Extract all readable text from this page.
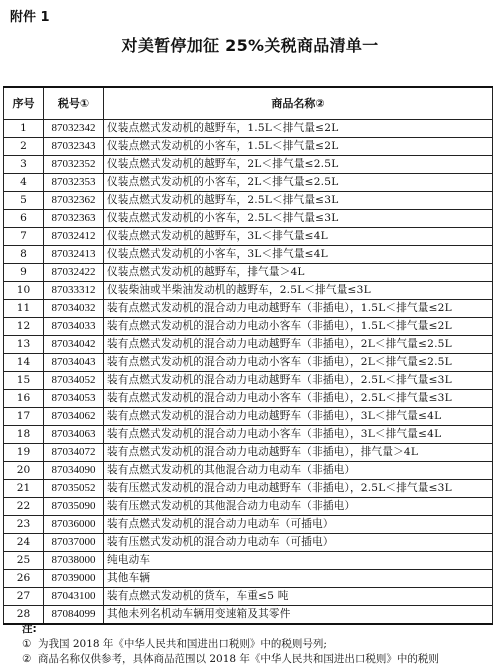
附件 1
对美暂停加征 25%关税商品清单一
序号	税号①	商品名称②
1	87032342	仪装点燃式发动机的越野车，1.5L＜排气量≤2L
2	87032343	仪装点燃式发动机的小客车，1.5L＜排气量≤2L
3	87032352	仪装点燃式发动机的越野车，2L＜排气量≤2.5L
4	87032353	仪装点燃式发动机的小客车，2L＜排气量≤2.5L
5	87032362	仪装点燃式发动机的越野车，2.5L＜排气量≤3L
6	87032363	仪装点燃式发动机的小客车，2.5L＜排气量≤3L
7	87032412	仪装点燃式发动机的越野车，3L＜排气量≤4L
8	87032413	仪装点燃式发动机的小客车，3L＜排气量≤4L
9	87032422	仪装点燃式发动机的越野车，排气量＞4L
10	87033312	仪装柴油或半柴油发动机的越野车，2.5L＜排气量≤3L
11	87034032	装有点燃式发动机的混合动力电动越野车（非插电），1.5L＜排气量≤2L
12	87034033	装有点燃式发动机的混合动力电动小客车（非插电），1.5L＜排气量≤2L
13	87034042	装有点燃式发动机的混合动力电动越野车（非插电），2L＜排气量≤2.5L
14	87034043	装有点燃式发动机的混合动力电动小客车（非插电），2L＜排气量≤2.5L
15	87034052	装有点燃式发动机的混合动力电动越野车（非插电），2.5L＜排气量≤3L
16	87034053	装有点燃式发动机的混合动力电动小客车（非插电），2.5L＜排气量≤3L
17	87034062	装有点燃式发动机的混合动力电动越野车（非插电），3L＜排气量≤4L
18	87034063	装有点燃式发动机的混合动力电动小客车（非插电），3L＜排气量≤4L
19	87034072	装有点燃式发动机的混合动力电动越野车（非插电），排气量＞4L
20	87034090	装有点燃式发动机的其他混合动力电动车（非插电）
21	87035052	装有压燃式发动机的混合动力电动越野车（非插电），2.5L＜排气量≤3L
22	87035090	装有压燃式发动机的其他混合动力电动车（非插电）
23	87036000	装有点燃式发动机的混合动力电动车（可插电）
24	87037000	装有压燃式发动机的混合动力电动车（可插电）
25	87038000	纯电动车
26	87039000	其他车辆
27	87043100	装有点燃式发动机的货车，车重≤5 吨
28	87084099	其他未列名机动车辆用变速箱及其零件
注:
① 为我国 2018 年《中华人民共和国进出口税则》中的税则号列;
② 商品名称仅供参考，具体商品范围以 2018 年《中华人民共和国进出口税则》中的税则
